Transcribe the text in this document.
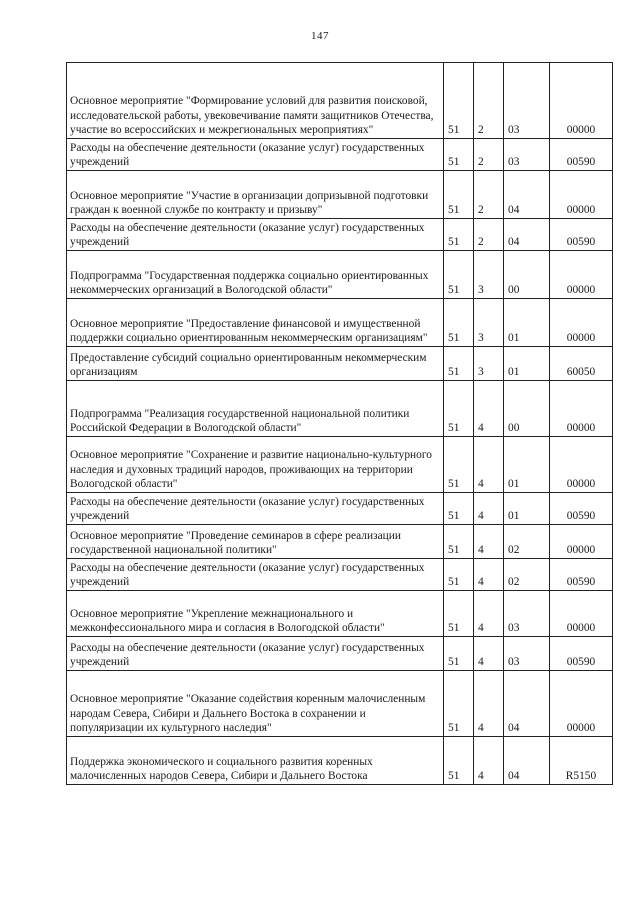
147
Основное мероприятие "Формирование условий для развития поисковой, исследовательской работы, увековечивание памяти защитников Отечества, участие во всероссийских и межрегиональных мероприятиях"	51	2	03	00000
Расходы на обеспечение деятельности (оказание услуг) государственных учреждений	51	2	03	00590
Основное мероприятие "Участие в организации допризывной подготовки граждан к военной службе по контракту и призыву"	51	2	04	00000
Расходы на обеспечение деятельности (оказание услуг) государственных учреждений	51	2	04	00590
Подпрограмма "Государственная поддержка социально ориентированных некоммерческих организаций в Вологодской области"	51	3	00	00000
Основное мероприятие "Предоставление финансовой и имущественной поддержки социально ориентированным некоммерческим организациям"	51	3	01	00000
Предоставление субсидий социально ориентированным некоммерческим организациям	51	3	01	60050
Подпрограмма "Реализация государственной национальной политики Российской Федерации в Вологодской области"	51	4	00	00000
Основное мероприятие "Сохранение и развитие национально-культурного наследия и духовных традиций народов, проживающих на территории Вологодской области"	51	4	01	00000
Расходы на обеспечение деятельности (оказание услуг) государственных учреждений	51	4	01	00590
Основное мероприятие "Проведение семинаров в сфере реализации государственной национальной политики"	51	4	02	00000
Расходы на обеспечение деятельности (оказание услуг) государственных учреждений	51	4	02	00590
Основное мероприятие "Укрепление межнационального и межконфессионального мира и согласия в Вологодской области"	51	4	03	00000
Расходы на обеспечение деятельности (оказание услуг) государственных учреждений	51	4	03	00590
Основное мероприятие "Оказание содействия коренным малочисленным народам Севера, Сибири и Дальнего Востока в сохранении и популяризации их культурного наследия"	51	4	04	00000
Поддержка экономического и социального развития коренных малочисленных народов Севера, Сибири и Дальнего Востока	51	4	04	R5150
